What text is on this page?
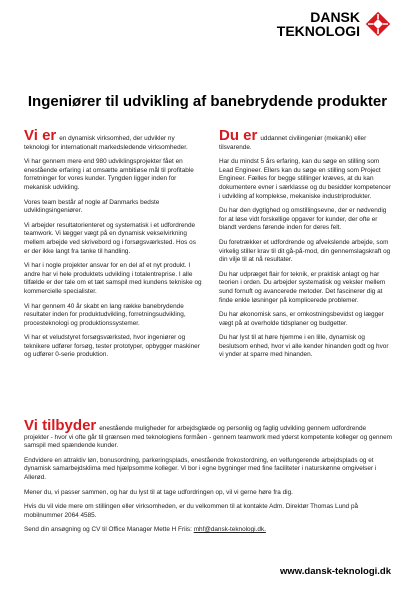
DANSK
TEKNOLOGI
Ingeniører til udvikling af banebrydende produkter

Vi er en dynamisk virksomhed, der udvikler ny teknologi for internationalt markedsledende virksomheder.

Vi har gennem mere end 980 udviklingsprojekter fået en enestående erfaring i at omsætte ambitiøse mål til profitable forretninger for vores kunder. Tyngden ligger inden for mekanisk udvikling.

Vores team består af nogle af Danmarks bedste udviklingsingeniører.

Vi arbejder resultatorienteret og systematisk i et udfordrende teamwork. Vi lægger vægt på en dynamisk vekselvirkning mellem arbejde ved skrivebord og i forsøgsværksted. Hos os er der ikke langt fra tanke til handling.

Vi har i nogle projekter ansvar for en del af et nyt produkt. I andre har vi hele produktets udvikling i totalentreprise. I alle tilfælde er der tale om et tæt samspil med kundens tekniske og kommercielle specialister.

Vi har gennem 40 år skabt en lang række banebrydende resultater inden for produktudvikling, forretningsudvikling, procesteknologi og produktionssystemer.

Vi har et veludstyret forsøgsværksted, hvor ingeniører og teknikere udfører forsøg, tester prototyper, opbygger maskiner og udfører 0-serie produktion.

Du er uddannet civilingeniør (mekanik) eller tilsvarende.

Har du mindst 5 års erfaring, kan du søge en stilling som Lead Engineer. Ellers kan du søge en stilling som Project Engineer. Fælles for begge stillinger kræves, at du kan dokumentere evner i særklasse og du besidder kompetencer i udvikling af komplekse, mekaniske industriprodukter.

Du har den dygtighed og omstillingsevne, der er nødvendig for at løse vidt forskellige opgaver for kunder, der ofte er blandt verdens førende inden for deres felt.

Du foretrækker et udfordrende og afvekslende arbejde, som virkelig stiller krav til dit gå-på-mod, din gennemslagskraft og din vilje til at nå resultater.

Du har udpræget flair for teknik, er praktisk anlagt og har teorien i orden. Du arbejder systematisk og veksler mellem sund fornuft og avancerede metoder. Det fascinerer dig at finde enkle løsninger på komplicerede problemer.

Du har økonomisk sans, er omkostningsbevidst og lægger vægt på at overholde tidsplaner og budgetter.

Du har lyst til at høre hjemme i en lille, dynamisk og beslutsom enhed, hvor vi alle kender hinanden godt og hvor vi ynder at sparre med hinanden.

Vi tilbyder enestående muligheder for arbejdsglæde og personlig og faglig udvikling gennem udfordrende projekter - hvor vi ofte går til grænsen med teknologiens formåen - gennem teamwork med yderst kompetente kolleger og gennem samspil med spændende kunder.

Endvidere en attraktiv løn, bonusordning, parkeringsplads, enestående frokostordning, en velfungerende arbejdsplads og et dynamisk samarbejdsklima med hjælpsomme kolleger. Vi bor i egne bygninger med fine faciliteter i naturskønne omgivelser i Allerød.

Mener du, vi passer sammen, og har du lyst til at tage udfordringen op, vil vi gerne høre fra dig.

Hvis du vil vide mere om stillingen eller virksomheden, er du velkommen til at kontakte Adm. Direktør Thomas Lund på mobilnummer 2064 4585.

Send din ansøgning og CV til Office Manager Mette H Friis: mhf@dansk-teknologi.dk.

www.dansk-teknologi.dk
